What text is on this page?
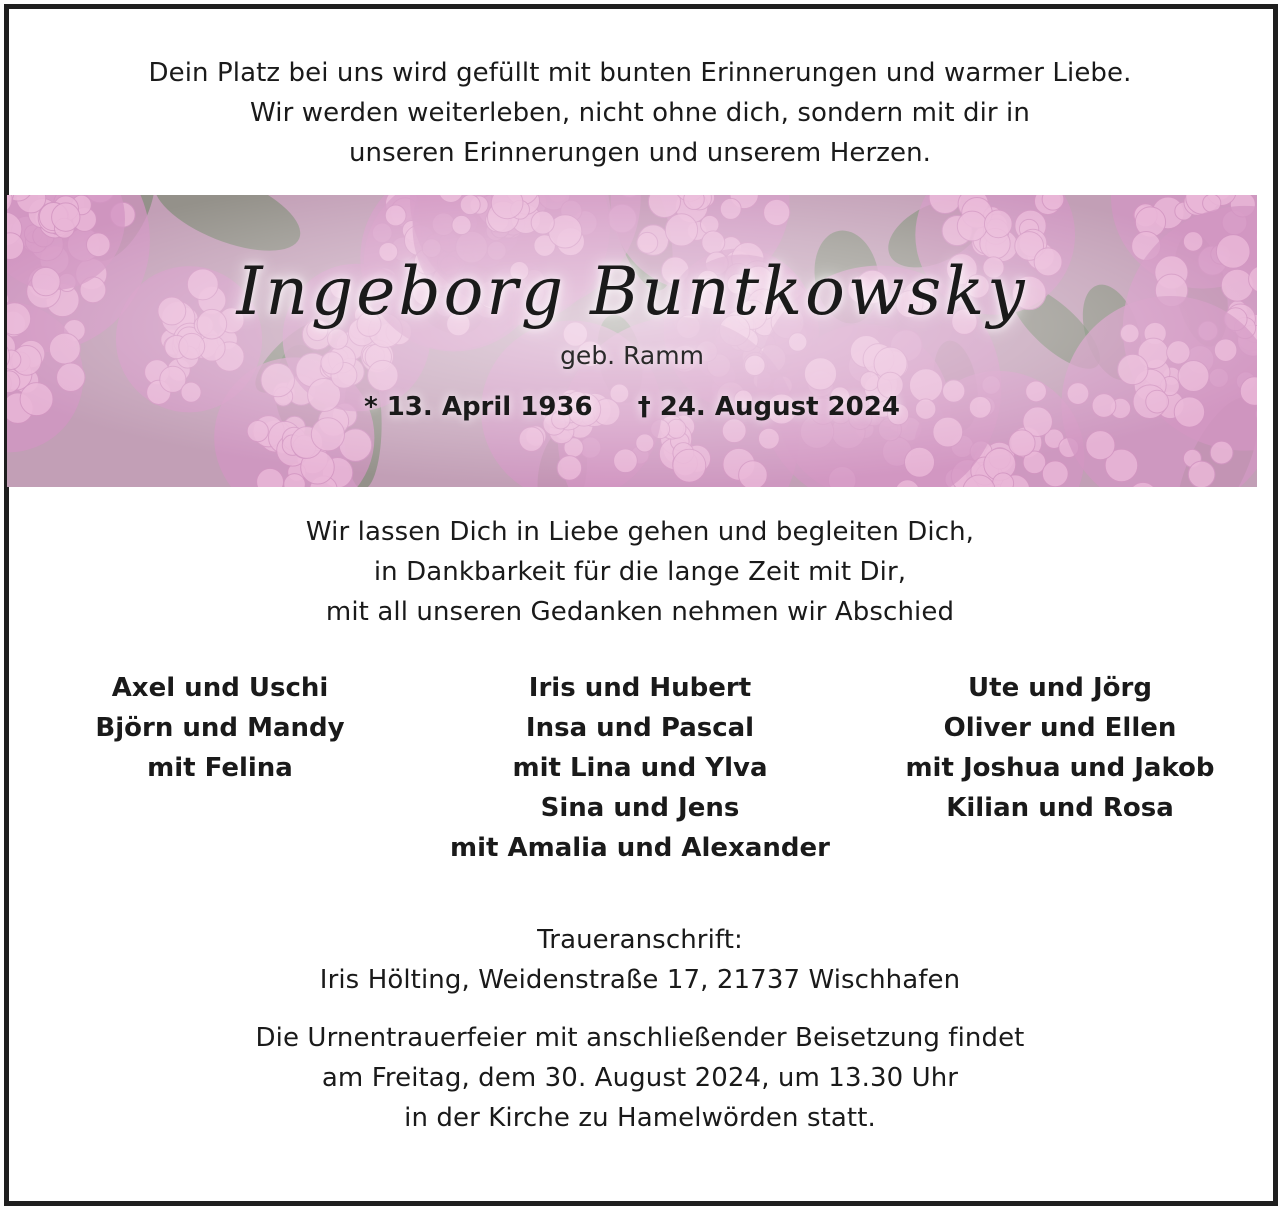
Dein Platz bei uns wird gefüllt mit bunten Erinnerungen und warmer Liebe.
Wir werden weiterleben, nicht ohne dich, sondern mit dir in
unseren Erinnerungen und unserem Herzen.
Ingeborg Buntkowsky
geb. Ramm
* 13. April 1936 † 24. August 2024
Wir lassen Dich in Liebe gehen und begleiten Dich,
in Dankbarkeit für die lange Zeit mit Dir,
mit all unseren Gedanken nehmen wir Abschied
Axel und Uschi
Björn und Mandy
mit Felina
Iris und Hubert
Insa und Pascal
mit Lina und Ylva
Sina und Jens
mit Amalia und Alexander
Ute und Jörg
Oliver und Ellen
mit Joshua und Jakob
Kilian und Rosa
Traueranschrift:
Iris Hölting, Weidenstraße 17, 21737 Wischhafen
Die Urnentrauerfeier mit anschließender Beisetzung findet
am Freitag, dem 30. August 2024, um 13.30 Uhr
in der Kirche zu Hamelwörden statt.
